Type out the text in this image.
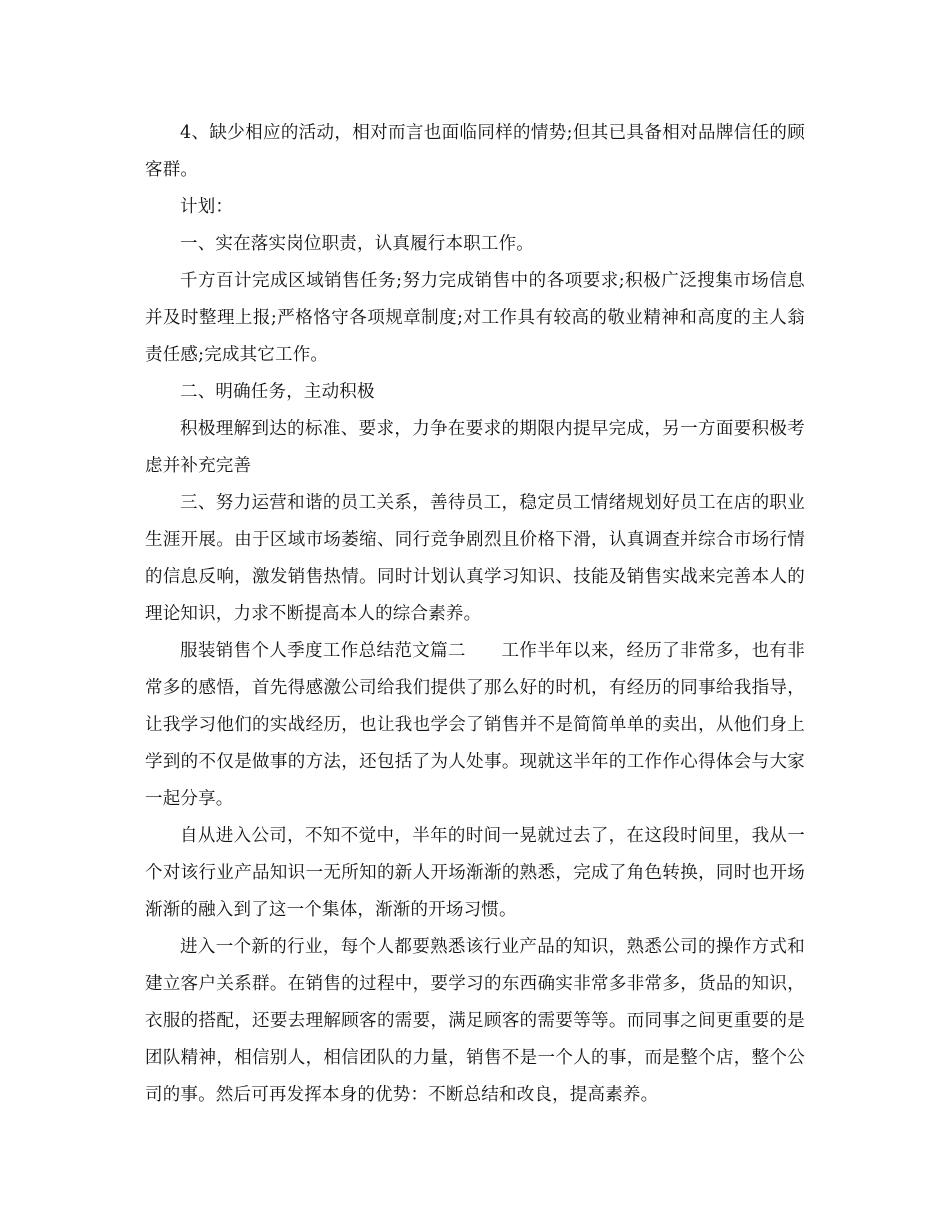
4、缺少相应的活动，相对而言也面临同样的情势;但其已具备相对品牌信任的顾客群。

计划：

一、实在落实岗位职责，认真履行本职工作。

千方百计完成区域销售任务;努力完成销售中的各项要求;积极广泛搜集市场信息并及时整理上报;严格恪守各项规章制度;对工作具有较高的敬业精神和高度的主人翁责任感;完成其它工作。

二、明确任务，主动积极

积极理解到达的标准、要求，力争在要求的期限内提早完成，另一方面要积极考虑并补充完善

三、努力运营和谐的员工关系，善待员工，稳定员工情绪规划好员工在店的职业生涯开展。由于区域市场萎缩、同行竞争剧烈且价格下滑，认真调查并综合市场行情的信息反响，激发销售热情。同时计划认真学习知识、技能及销售实战来完善本人的理论知识，力求不断提高本人的综合素养。

服装销售个人季度工作总结范文篇二　　工作半年以来，经历了非常多，也有非常多的感悟，首先得感激公司给我们提供了那么好的时机，有经历的同事给我指导，让我学习他们的实战经历，也让我也学会了销售并不是简简单单的卖出，从他们身上学到的不仅是做事的方法，还包括了为人处事。现就这半年的工作作心得体会与大家一起分享。

自从进入公司，不知不觉中，半年的时间一晃就过去了，在这段时间里，我从一个对该行业产品知识一无所知的新人开场渐渐的熟悉，完成了角色转换，同时也开场渐渐的融入到了这一个集体，渐渐的开场习惯。

进入一个新的行业，每个人都要熟悉该行业产品的知识，熟悉公司的操作方式和建立客户关系群。在销售的过程中，要学习的东西确实非常多非常多，货品的知识，衣服的搭配，还要去理解顾客的需要，满足顾客的需要等等。而同事之间更重要的是团队精神，相信别人，相信团队的力量，销售不是一个人的事，而是整个店，整个公司的事。然后可再发挥本身的优势：不断总结和改良，提高素养。
